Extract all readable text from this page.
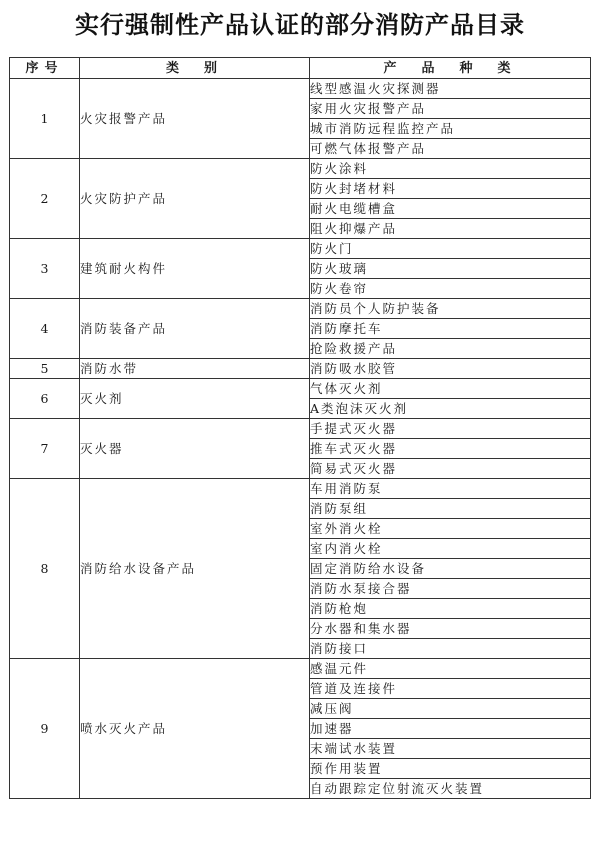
实行强制性产品认证的部分消防产品目录
序号	类　别	产　品　种　类
1	火灾报警产品	线型感温火灾探测器
		家用火灾报警产品
		城市消防远程监控产品
		可燃气体报警产品
2	火灾防护产品	防火涂料
		防火封堵材料
		耐火电缆槽盒
		阻火抑爆产品
3	建筑耐火构件	防火门
		防火玻璃
		防火卷帘
4	消防装备产品	消防员个人防护装备
		消防摩托车
		抢险救援产品
5	消防水带	消防吸水胶管
6	灭火剂	气体灭火剂
		A类泡沫灭火剂
7	灭火器	手提式灭火器
		推车式灭火器
		简易式灭火器
8	消防给水设备产品	车用消防泵
		消防泵组
		室外消火栓
		室内消火栓
		固定消防给水设备
		消防水泵接合器
		消防枪炮
		分水器和集水器
		消防接口
9	喷水灭火产品	感温元件
		管道及连接件
		减压阀
		加速器
		末端试水装置
		预作用装置
		自动跟踪定位射流灭火装置
